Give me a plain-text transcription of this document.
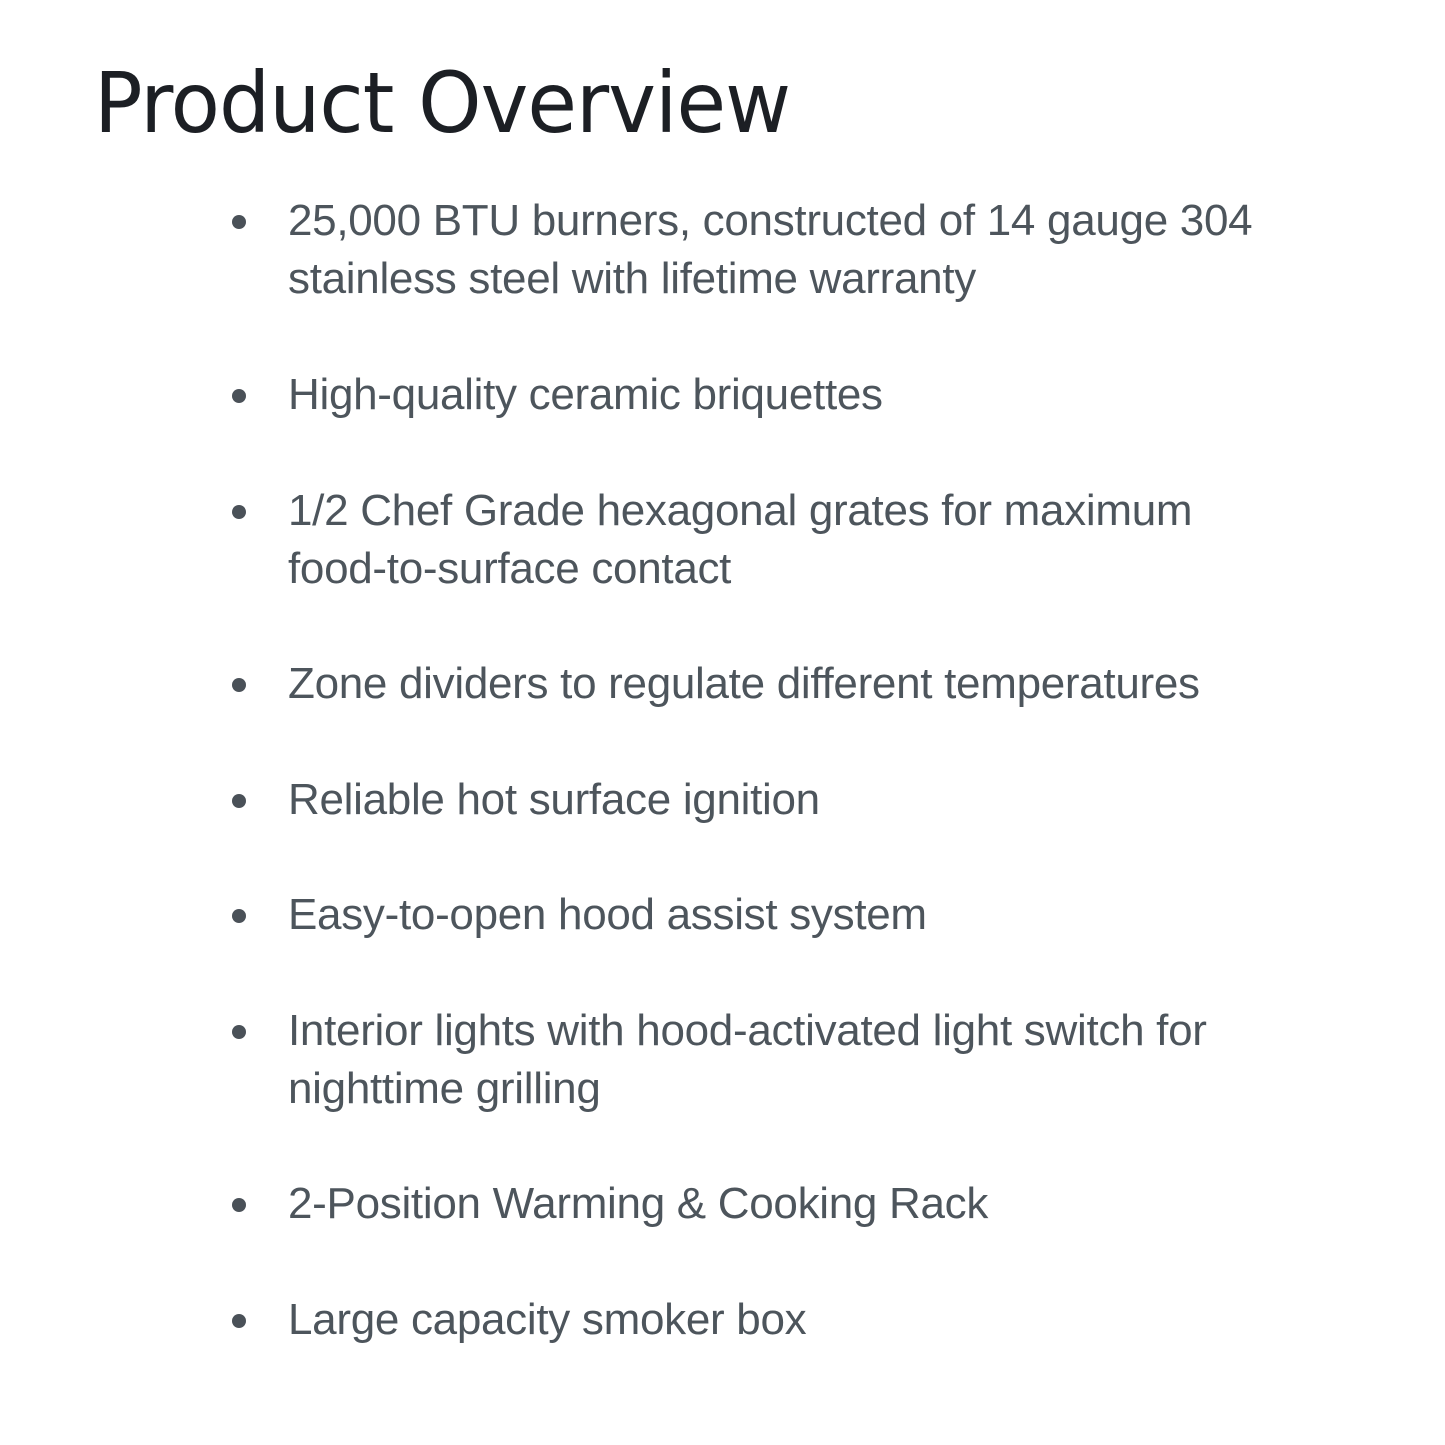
Product Overview
25,000 BTU burners, constructed of 14 gauge 304 stainless steel with lifetime warranty
High-quality ceramic briquettes
1/2 Chef Grade hexagonal grates for maximum food-to-surface contact
Zone dividers to regulate different temperatures
Reliable hot surface ignition
Easy-to-open hood assist system
Interior lights with hood-activated light switch for nighttime grilling
2-Position Warming & Cooking Rack
Large capacity smoker box
